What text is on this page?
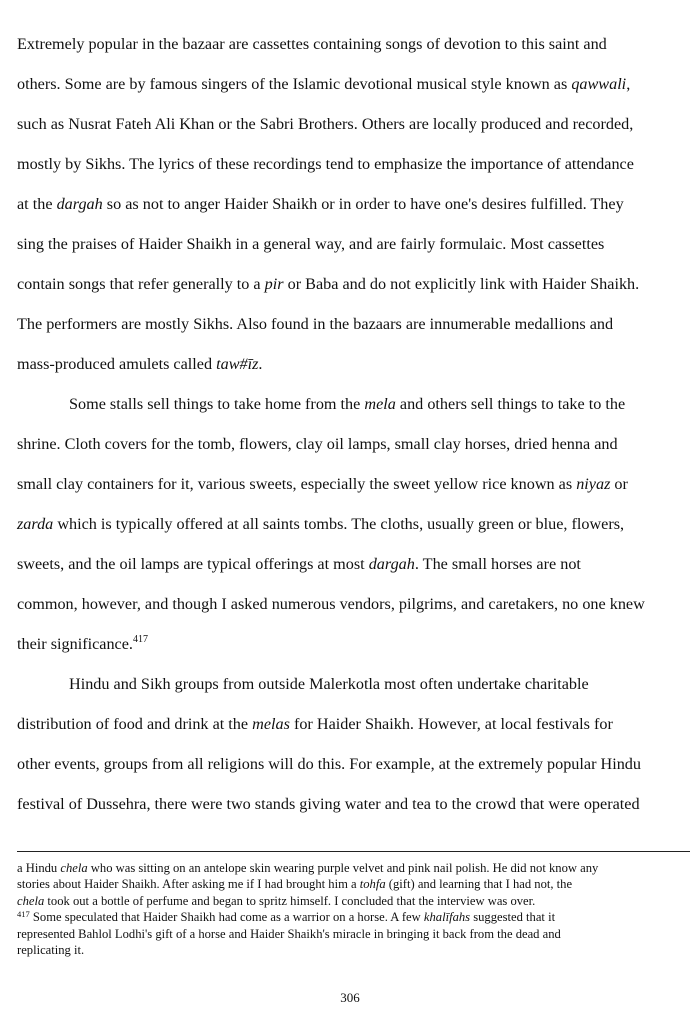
Extremely popular in the bazaar are cassettes containing songs of devotion to this saint and
others. Some are by famous singers of the Islamic devotional musical style known as qawwali,
such as Nusrat Fateh Ali Khan or the Sabri Brothers. Others are locally produced and recorded,
mostly by Sikhs. The lyrics of these recordings tend to emphasize the importance of attendance
at the dargah so as not to anger Haider Shaikh or in order to have one's desires fulfilled. They
sing the praises of Haider Shaikh in a general way, and are fairly formulaic. Most cassettes
contain songs that refer generally to a pir or Baba and do not explicitly link with Haider Shaikh.
The performers are mostly Sikhs. Also found in the bazaars are innumerable medallions and
mass-produced amulets called taw#īz.
Some stalls sell things to take home from the mela and others sell things to take to the
shrine. Cloth covers for the tomb, flowers, clay oil lamps, small clay horses, dried henna and
small clay containers for it, various sweets, especially the sweet yellow rice known as niyaz or
zarda which is typically offered at all saints tombs. The cloths, usually green or blue, flowers,
sweets, and the oil lamps are typical offerings at most dargah. The small horses are not
common, however, and though I asked numerous vendors, pilgrims, and caretakers, no one knew
their significance.$^{417}$
Hindu and Sikh groups from outside Malerkotla most often undertake charitable
distribution of food and drink at the melas for Haider Shaikh. However, at local festivals for
other events, groups from all religions will do this. For example, at the extremely popular Hindu
festival of Dussehra, there were two stands giving water and tea to the crowd that were operated
a Hindu chela who was sitting on an antelope skin wearing purple velvet and pink nail polish. He did not know any
stories about Haider Shaikh. After asking me if I had brought him a tohfa (gift) and learning that I had not, the
chela took out a bottle of perfume and began to spritz himself. I concluded that the interview was over.
$^{417}$ Some speculated that Haider Shaikh had come as a warrior on a horse. A few khalīfahs suggested that it
represented Bahlol Lodhi's gift of a horse and Haider Shaikh's miracle in bringing it back from the dead and
replicating it.
306
